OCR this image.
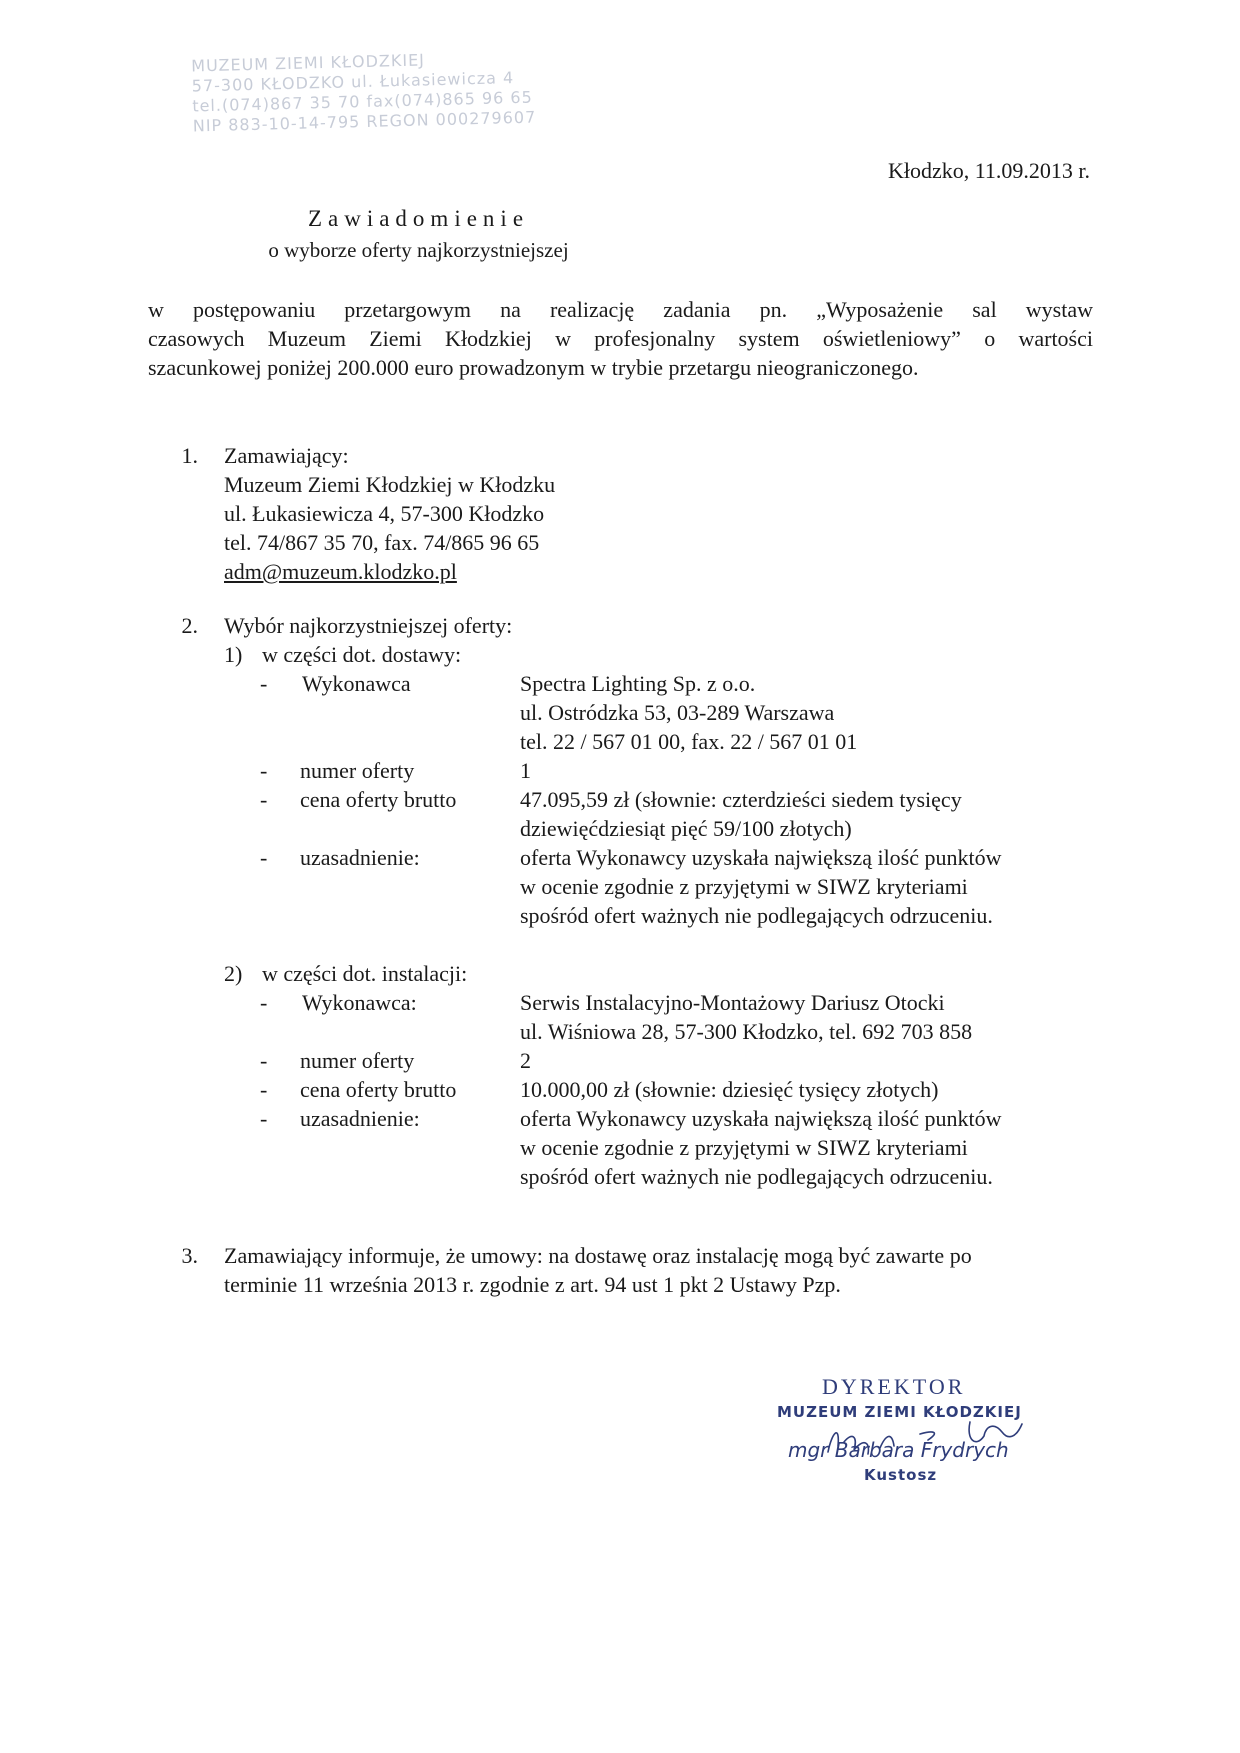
MUZEUM ZIEMI KŁODZKIEJ
57-300 KŁODZKO ul. Łukasiewicza 4
tel.(074)867 35 70 fax(074)865 96 65
NIP 883-10-14-795 REGON 000279607
Kłodzko, 11.09.2013 r.
Zawiadomienie
o wyborze oferty najkorzystniejszej
w postępowaniu przetargowym na realizację zadania pn. „Wyposażenie sal wystaw
czasowych Muzeum Ziemi Kłodzkiej w profesjonalny system oświetleniowy” o wartości
szacunkowej poniżej 200.000 euro prowadzonym w trybie przetargu nieograniczonego.
1. Zamawiający:
Muzeum Ziemi Kłodzkiej w Kłodzku
ul. Łukasiewicza 4, 57-300 Kłodzko
tel. 74/867 35 70, fax. 74/865 96 65
adm@muzeum.klodzko.pl
2. Wybór najkorzystniejszej oferty:
1) w części dot. dostawy:
- Wykonawca	Spectra Lighting Sp. z o.o.
ul. Ostródzka 53, 03-289 Warszawa
tel. 22 / 567 01 00, fax. 22 / 567 01 01
- numer oferty	1
- cena oferty brutto	47.095,59 zł (słownie: czterdzieści siedem tysięcy
dziewięćdziesiąt pięć 59/100 złotych)
- uzasadnienie:	oferta Wykonawcy uzyskała największą ilość punktów
w ocenie zgodnie z przyjętymi w SIWZ kryteriami
spośród ofert ważnych nie podlegających odrzuceniu.
2) w części dot. instalacji:
- Wykonawca:	Serwis Instalacyjno-Montażowy Dariusz Otocki
ul. Wiśniowa 28, 57-300 Kłodzko, tel. 692 703 858
- numer oferty	2
- cena oferty brutto	10.000,00 zł (słownie: dziesięć tysięcy złotych)
- uzasadnienie:	oferta Wykonawcy uzyskała największą ilość punktów
w ocenie zgodnie z przyjętymi w SIWZ kryteriami
spośród ofert ważnych nie podlegających odrzuceniu.
3. Zamawiający informuje, że umowy: na dostawę oraz instalację mogą być zawarte po
terminie 11 września 2013 r. zgodnie z art. 94 ust 1 pkt 2 Ustawy Pzp.
DYREKTOR
MUZEUM ZIEMI KŁODZKIEJ
mgr Barbara Frydrych
Kustosz
